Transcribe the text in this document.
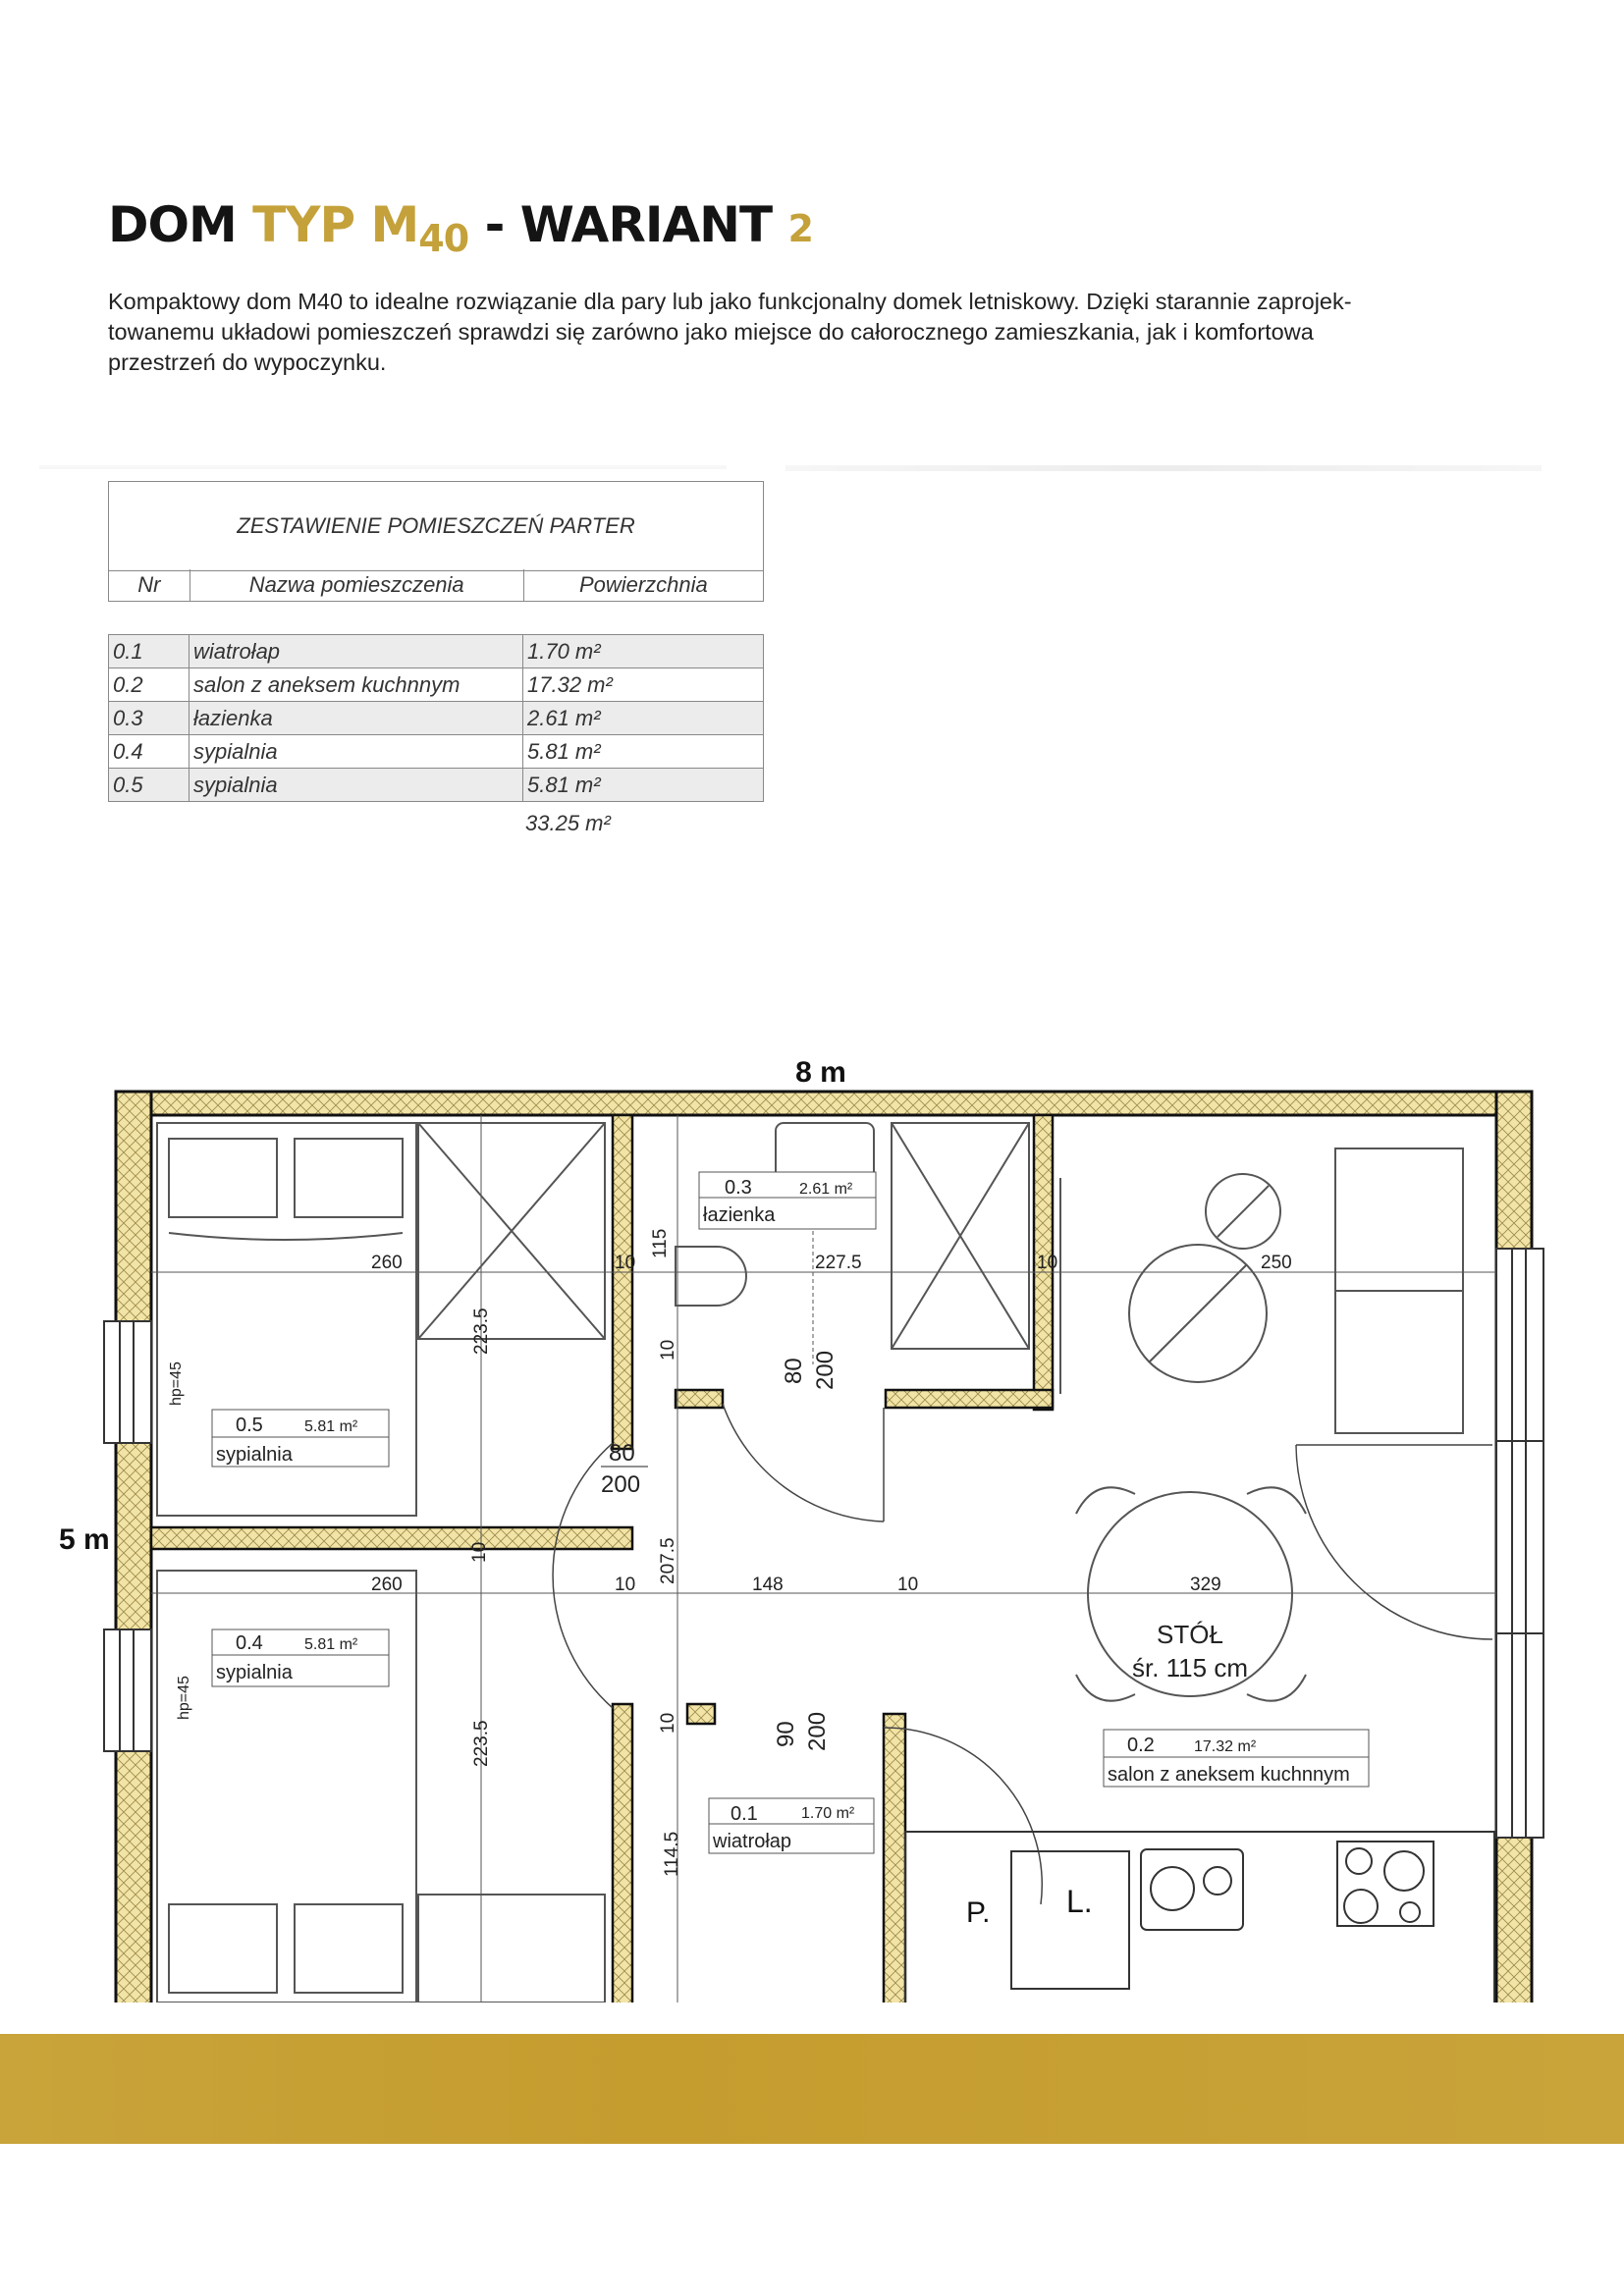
DOM TYP $M_{40}$ - WARIANT 2
Kompaktowy dom M40 to idealne rozwiązanie dla pary lub jako funkcjonalny domek letniskowy. Dzięki starannie zaprojek-
towanemu układowi pomieszczeń sprawdzi się zarówno jako miejsce do całorocznego zamieszkania, jak i komfortowa
przestrzeń do wypoczynku.
ZESTAWIENIE POMIESZCZEŃ PARTER
Nr	Nazwa pomieszczenia	Powierzchnia
0.1	wiatrołap	1.70 m²
0.2	salon z aneksem kuchnnym	17.32 m²
0.3	łazienka	2.61 m²
0.4	sypialnia	5.81 m²
0.5	sypialnia	5.81 m²
33.25 m²
8 m
5 m
0.5	5.81 m²
sypialnia
0.4	5.81 m²
sypialnia
0.3	2.61 m²
łazienka
0.2	17.32 m²
salon z aneksem kuchnnym
0.1	1.70 m²
wiatrołap
260
260
10
115
227.5	10	250
223.5
223.5
10
80 200
80
200
10	207.5
10	148	10	329
10	90 200
114.5
hp=45
hp=45
STÓŁ
śr. 115 cm
P. L.
